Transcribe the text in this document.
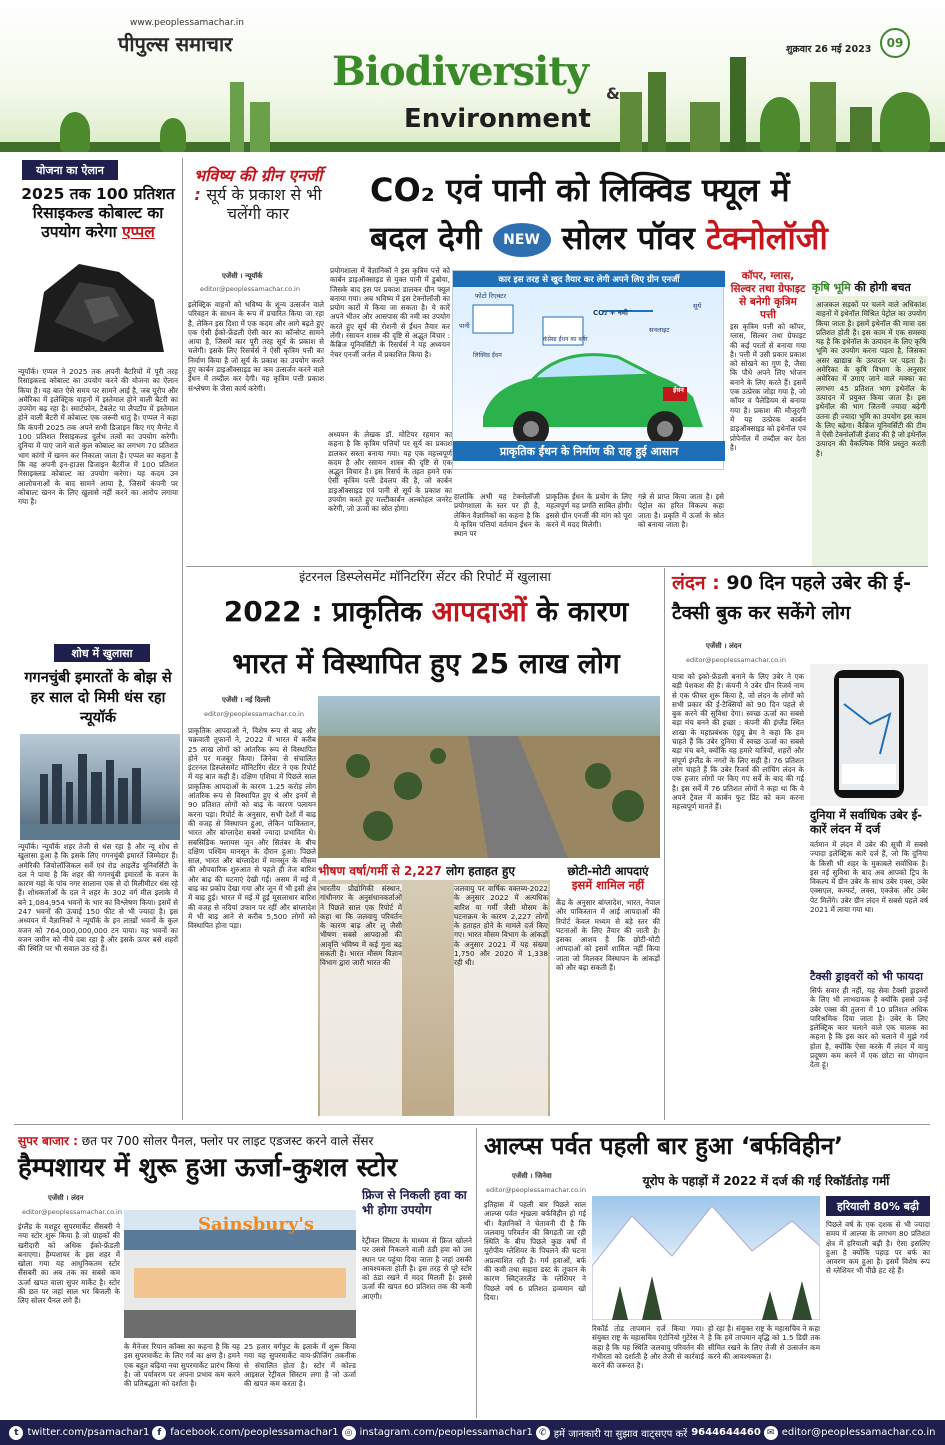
www.peoplessamachar.in
पीपुल्स समाचार
Biodiversity &
Environment
शुक्रवार 26 मई 2023	09
योजना का ऐलान
2025 तक 100 प्रतिशत रिसाइकल्ड कोबाल्ट का उपयोग करेगा एप्पल
न्यूयॉर्क। एप्पल ने 2025 तक अपनी बैटरियों में पूरी तरह रिसाइकल्ड कोबाल्ट का उपयोग करने की योजना का ऐलान किया है। यह बात ऐसे समय पर सामने आई है, जब यूरोप और अमेरिका में इलेक्ट्रिक वाहनों में इस्तेमाल होने वाली बैटरी का उपयोग बढ़ रहा है। स्मार्टफोन, टैबलेट या लैपटॉप में इस्तेमाल होने वाली बैटरी में कोबाल्ट एक जरूरी धातु है। एप्पल ने कहा कि कंपनी 2025 तक अपने सभी डिजाइन किए गए मैग्नेट में 100 प्रतिशत रिसाइकल्ड दुर्लभ तत्वों का उपयोग करेगी। दुनिया में पाए जाने वाले कुल कोबाल्ट का लगभग 70 प्रतिशत भाग कांगो में खनन कर निकाला जाता है। एप्पल का कहना है कि वह अपनी इन-हाउस डिजाइन बैटरीज में 100 प्रतिशत रिसाइक्लड कोबाल्ट का उपयोग करेगा। यह कदम उन आलोचनाओं के बाद सामने आया है, जिसमें कंपनी पर कोबाल्ट खनन के लिए खुलासे नहीं करने का आरोप लगाया गया है।
शोध में खुलासा
गगनचुंबी इमारतों के बोझ से हर साल दो मिमी धंस रहा न्यूयॉर्क
न्यूयॉर्क। न्यूयॉर्क शहर तेजी से धंस रहा है और न्यू शोध से खुलासा हुआ है कि इसके लिए गगनचुंबी इमारतें जिम्मेदार हैं। अमेरिकी जियोलॉजिकल सर्वे एवं रोड आइलैंड यूनिवर्सिटी के दल ने पाया है कि शहर की गगनचुंबी इमारतों के वजन के कारण यहां के पांच नगर सालाना एक से दो मिलीमीटर धंस रहे हैं। शोधकर्ताओं के दल ने शहर के 302 वर्ग मील इलाके में बने 1,084,954 भवनों के भार का विश्लेषण किया। इसमें से 247 भवनों की ऊंचाई 150 फीट से भी ज्यादा है। इस अध्ययन में वैज्ञानिकों ने न्यूयॉर्क के इन लाखों भवनों के कुल वजन को 764,000,000,000 टन पाया। यह भवनों का वजन जमीन को नीचे दबा रहा है और इसके ऊपर बसे शहरों की स्थिति पर भी सवाल उठ रहे हैं।
भविष्य की ग्रीन एनर्जी : सूर्य के प्रकाश से भी चलेंगी कार
एजेंसी । न्यूयॉर्क
editor@peoplessamachar.co.in
CO₂ एवं पानी को लिक्विड फ्यूल में
बदल देगी NEW सोलर पॉवर टेक्नोलॉजी
इलेक्ट्रिक वाहनों को भविष्य के शून्य उत्सर्जन वाले परिवहन के साधन के रूप में प्रचारित किया जा रहा है, लेकिन इस दिशा में एक कदम और आगे बढ़ते हुए एक ऐसी ईको-फ्रेंडली ऐसी कार का कॉन्सेप्ट सामने आया है, जिसमें कार पूरी तरह सूर्य के प्रकाश से चलेगी। इसके लिए रिसर्चर्स ने ऐसी कृत्रिम पत्ती का निर्माण किया है जो सूर्य के प्रकाश का उपयोग करते हुए कार्बन डाइऑक्साइड का कम उत्सर्जन करने वाले ईंधन में तब्दील कर देगी। यह कृत्रिम पत्ती प्रकाश संश्लेषण के जैसा कार्य करेगी।
प्रयोगशाला में वैज्ञानिकों ने इस कृत्रिम पत्ते को कार्बन डाइऑक्साइड से युक्त पानी में डुबोया, जिसके बाद इस पर प्रकाश डालकर ग्रीन फ्यूल बनाया गया। अब भविष्य में इस टेक्नोलॉजी का प्रयोग कारों में किया जा सकता है। ये कारें अपने भीतर और आसपास की नमी का उपयोग करते हुए सूर्य की रोशनी से ईंधन तैयार कर लेंगी। रसायन शास्त्र की दृष्टि से अद्भुत विचार : कैंब्रिज यूनिवर्सिटी के रिसर्चर्स ने यह अध्ययन नेचर एनर्जी जर्नल में प्रकाशित किया है।
अध्ययन के लेखक डॉ. मोटियर रहमान का कहना है कि कृत्रिम पत्तियों पर सूर्य का प्रकाश डालकर सस्ता बनाया गया। यह एक महत्त्वपूर्ण कदम है और रसायन शास्त्र की दृष्टि से एक अद्भुत विचार है। इस रिसर्च के तहत हमने एक ऐसी कृत्रिम पत्ती डेवलप की है, जो कार्बन डाइऑक्साइड एवं पानी से सूर्य के प्रकाश का उपयोग करते हुए मल्टीकार्बन अल्कोहल जनरेट करेगी, जो ऊर्जा का स्रोत होगा।
कार इस तरह से खुद तैयार कर लेगी अपने लिए ग्रीन एनर्जी
फोटो रिएक्टर
पानी
CO₂ + नमी
सूर्य
सनलाइट
कंप्रेस्ड ईंधन का बर्नर
लिक्विड ईंधन
ईंधन
प्राकृतिक ईंधन के निर्माण की राह हुई आसान
हालांकि अभी यह टेक्नोलॉजी प्रयोगशाला के स्तर पर ही है, लेकिन वैज्ञानिकों का कहना है कि ये कृत्रिम पत्तियां वर्तमान ईंधन के स्थान पर
प्राकृतिक ईंधन के प्रयोग के लिए महत्वपूर्ण यह प्रगति साबित होगी। इससे ग्रीन एनर्जी की मांग को पूरा करने में मदद मिलेगी।
गन्ने से प्राप्त किया जाता है। इसे पेट्रोल का हरित विकल्प कहा जाता है। प्रकृति में ऊर्जा के स्रोत को बनाया जाता है।
कॉपर, ग्लास, सिल्वर तथा ग्रेफाइट से बनेगी कृत्रिम पत्ती
इस कृत्रिम पत्ती को कॉपर, ग्लास, सिल्वर तथा ग्रेफाइट की कई परतों से बनाया गया है। पत्ती में उसी प्रकार प्रकाश को सोखने का गुण है, जैसा कि पौधे अपने लिए भोजन बनाने के लिए करते हैं। इसमें एक उत्प्रेरक जोड़ा गया है, जो कॉपर व पैलेडियम से बनाया गया है। प्रकाश की मौजूदगी में यह उत्प्रेरक कार्बन डाइऑक्साइड को इथेनॉल एवं प्रोपेनॉल में तब्दील कर देता है।
कृषि भूमि की होगी बचत
आजकल सड़कों पर चलने वाले अधिकांश वाहनों में इथेनॉल मिश्रित पेट्रोल का उपयोग किया जाता है। इसमें इथेनॉल की मात्रा दस प्रतिशत होती है। इस काम में एक समस्या यह है कि इथेनॉल के उत्पादन के लिए कृषि भूमि का उपयोग करना पड़ता है, जिसका असर खाद्यान्न के उत्पादन पर पड़ता है। अमेरिका के कृषि विभाग के अनुसार अमेरिका में उगाए जाने वाले मक्का का लगभग 45 प्रतिशत भाग इथेनॉल के उत्पादन में प्रयुक्त किया जाता है। इस इथेनॉल की भाग जितनी ज्यादा बढ़ेगी उतना ही ज्यादा भूमि का उपयोग इस काम के लिए बढ़ेगा। कैंब्रिज यूनिवर्सिटी की टीम ने ऐसी टेक्नोलॉजी ईजाद की है जो इथेनॉल उत्पादन की वैकल्पिक विधि प्रस्तुत करती है।
इंटरनल डिस्प्लेसमेंट मॉनिटरिंग सेंटर की रिपोर्ट में खुलासा
2022 : प्राकृतिक आपदाओं के कारण
भारत में विस्थापित हुए 25 लाख लोग
एजेंसी । नई दिल्ली
editor@peoplessamachar.co.in
प्राकृतिक आपदाओं ने, विशेष रूप से बाढ़ और चक्रवाती तूफानों ने, 2022 में भारत में करीब 25 लाख लोगों को आंतरिक रूप से विस्थापित होने पर मजबूर किया। जिनेवा से संचालित इंटरनल डिस्प्लेसमेंट मॉनिटरिंग सेंटर ने एक रिपोर्ट में यह बात कही है। दक्षिण एशिया में पिछले साल प्राकृतिक आपदाओं के कारण 1.25 करोड़ लोग आंतरिक रूप से विस्थापित हुए थे और इनमें से 90 प्रतिशत लोगों को बाढ़ के कारण पलायन करना पड़ा। रिपोर्ट के अनुसार, सभी देशों में बाढ़ की वजह से विस्थापन हुआ, लेकिन पाकिस्तान, भारत और बांग्लादेश सबसे ज्यादा प्रभावित थे। सबसिडिक फ्लायस जून और सितंबर के बीच दक्षिण पश्चिम मानसून के दौरान हुआ। पिछले साल, भारत और बांग्लादेश में मानसून के मौसम की औपचारिक शुरुआत से पहले ही तेज बारिश और बाढ़ की घटनाएं देखी गईं। असम में मई में बाढ़ का प्रकोप देखा गया और जून में भी इसी क्षेत्र में बाढ़ हुई। भारत में मई में हुई मूसलाधार बारिश की वजह से नदियां उफान पर रहीं और बांग्लादेश में भी बाढ़ आने से करीब 5,500 लोगों को विस्थापित होना पड़ा।
भीषण वर्षा/गर्मी से 2,227 लोग हताहत हुए
भारतीय प्रौद्योगिकी संस्थान, गांधीनगर के अनुसंधानकर्ताओं ने पिछले साल एक रिपोर्ट में कहा था कि जलवायु परिवर्तन के कारण बाढ़ और लू जैसी भीषण सबसे आपदाओं की आवृत्ति भविष्य में कई गुना बढ़ सकती है। भारत मौसम विज्ञान विभाग द्वारा जारी भारत की
जलवायु पर वार्षिक वक्तव्य-2022 के अनुसार 2022 में अत्यधिक बारिश या गर्मी जैसी मौसम के घटनाक्रम के कारण 2,227 लोगों के हताहत होने के मामले दर्ज किए गए। भारत मौसम विभाग के आंकड़ों के अनुसार 2021 में यह संख्या 1,750 और 2020 में 1,338 रही थी।
छोटी-मोटी आपदाएं
इसमें शामिल नहीं
केंद्र के अनुसार बांग्लादेश, भारत, नेपाल और पाकिस्तान में आई आपदाओं की रिपोर्ट केवल मध्यम से बड़े स्तर की घटनाओं के लिए तैयार की जाती है। इसका आशय है कि छोटी-मोटी आपदाओं को इसमें शामिल नहीं किया जाता जो मिलकर विस्थापन के आंकड़ों को और बढ़ा सकती हैं।
लंदन : 90 दिन पहले उबेर की ई-टैक्सी बुक कर सकेंगे लोग
एजेंसी । लंदन
editor@peoplessamachar.co.in
यात्रा को इको-फ्रेंडली बनाने के लिए उबेर ने एक बड़ी पेशकश की है। कंपनी ने उबेर ग्रीन रिजर्व नाम से एक फीचर शुरू किया है, जो लंदन के लोगों को सभी प्रकार की ई-टैक्सियों को 90 दिन पहले से बुक करने की सुविधा देगा। स्वच्छ ऊर्जा का सबसे बड़ा मंच बनने की इच्छा : कंपनी की इंग्लैंड स्थित शाखा के महाप्रबंधक एंड्रयू ब्रेम ने कहा कि हम चाहते हैं कि उबेर दुनिया में स्वच्छ ऊर्जा का सबसे बड़ा मंच बने, क्योंकि यह हमारे यात्रियों, शहरों और संपूर्ण इंग्लैंड के नगरों के लिए सही है। 76 प्रतिशत लोग चाहते हैं कि उबेर रिजर्व की लांचिंग लंदन के एक हजार लोगों पर किए गए सर्वे के बाद की गई है। इस सर्वे में 76 प्रतिशत लोगों ने कहा था कि वे अपने ट्रैवल में कार्बन फुट प्रिंट को कम करना महत्त्वपूर्ण मानते हैं।
दुनिया में सर्वाधिक उबेर ई-कारें लंदन में दर्ज
वर्तमान में लंदन में उबेर की सूची में सबसे ज्यादा इलेक्ट्रिक कारें दर्ज हैं, जो कि दुनिया के किसी भी शहर के मुकाबले सर्वाधिक है। इस नई सुविधा के बाद अब आपको ट्रिप के विकल्प में ग्रीन उबेर के साथ उबेर एक्स, उबेर एक्सएल, कम्फर्ट, लक्स, एक्जेक और उबेर पेट मिलेंगे। उबेर ग्रीन लंदन में सबसे पहले वर्ष 2021 में लाया गया था।
टैक्सी ड्राइवरों को भी फायदा
सिर्फ सवार ही नहीं, यह सेवा टैक्सी ड्राइवरों के लिए भी लाभदायक है क्योंकि इससे उन्हें उबेर एक्स की तुलना में 10 प्रतिशत अधिक पारिश्रमिक दिया जाता है। उबेर के लिए इलेक्ट्रिक कार चलाने वाले एक चालक का कहना है कि इस कार को चलाने में मुझे गर्व होता है, क्योंकि ऐसा करके मैं लंदन में वायु प्रदूषण कम करने में एक छोटा सा योगदान देता हूं।
सुपर बाजार : छत पर 700 सोलर पैनल, फ्लोर पर लाइट एडजस्ट करने वाले सेंसर
हैम्पशायर में शुरू हुआ ऊर्जा-कुशल स्टोर
एजेंसी । लंदन
editor@peoplessamachar.co.in
इंग्लैंड के मशहूर सुपरमार्केट सैंसबरी ने नया स्टोर शुरू किया है जो ग्राहकों की खरीदारी को अधिक ईको-फ्रेंडली बनाएगा। हैम्पशायर के इस शहर में खोला गया यह आधुनिकतम स्टोर सैंसबरी का अब तक का सबसे कम ऊर्जा खपत वाला सुपर मार्केट है। स्टोर की छत पर जहां साल भर बिजली के लिए सोलर पैनल लगे हैं।
Sainsbury's
के मैनेजर रियान कॉक्स का कहना है कि यह इस सुपरमार्केट के लिए गर्व का क्षण है। हमने एक बहुत बढ़िया नया सुपरमार्केट प्रारंभ किया है। जो पर्यावरण पर अपना प्रभाव कम करने की प्रतिबद्धता को दर्शाता है।
25 हजार वर्गफुट के इलाके में शुरू किया गया यह सुपरमार्केट वाय-फ्रीजिंग तकनीक से संचालित होता है। स्टोर में कोल्ड आइसल रेट्रीवल सिस्टम लगा है जो ऊर्जा की खपत कम करता है।
फ्रिज से निकली हवा का भी होगा उपयोग
रेट्रीवल सिस्टम के माध्यम से फ्रिज खोलने पर उससे निकलने वाली ठंडी हवा को उस स्थान पर पहुंचा दिया जाता है जहां उसकी आवश्यकता होती है। इस तरह से पूरे स्टोर को ठंडा रखने में मदद मिलती है। इससे ऊर्जा की खपत 60 प्रतिशत तक की कमी आएगी।
आल्प्स पर्वत पहली बार हुआ ‘बर्फविहीन’
एजेंसी । जिनेवा
editor@peoplessamachar.co.in
यूरोप के पहाड़ों में 2022 में दर्ज की गई रिकॉर्डतोड़ गर्मी
इतिहास में पहली बार पिछले साल आल्प्स पर्वत शृंखला बर्फविहीन हो गई थी। वैज्ञानिकों ने चेतावनी दी है कि जलवायु परिवर्तन की बिगड़ती जा रही स्थिति के बीच पिछले कुछ वर्षों में यूरोपीय ग्लेशियर के पिघलने की घटना अप्रत्याशित रही है। गर्म हवाओं, बर्फ की कमी तथा सहारा डस्ट के तूफान के कारण स्विट्जरलैंड के ग्लेशियर ने पिछले वर्ष 6 प्रतिशत द्रव्यमान खो दिया।
रिकॉर्ड तोड़ तापमान दर्ज किया गया। संयुक्त राष्ट्र के महासचिव एंटोनियो गुटेरेस ने कहा है कि यह स्थिति जलवायु परिवर्तन की गंभीरता को दर्शाती है और तेजी से कार्रवाई करने की जरूरत है।
हो रहा है। संयुक्त राष्ट्र के महासचिव ने कहा है कि हमें तापमान वृद्धि को 1.5 डिग्री तक सीमित रखने के लिए तेजी से उत्सर्जन कम करने की आवश्यकता है।
हरियाली 80% बढ़ी
पिछले वर्ष के एक दशक से भी ज्यादा समय में आल्प्स के लगभग 80 प्रतिशत क्षेत्र में हरियाली बढ़ी है। ऐसा इसलिए हुआ है क्योंकि पहाड़ पर बर्फ का आवरण कम हुआ है। इसमें विशेष रूप से ग्लेशियर भी पीछे हट रहे हैं।
t twitter.com/psamachar1 f facebook.com/peoplessamachar1 ◎ instagram.com/peoplessamachar1 ✆ हमें जानकारी या सुझाव वाट्सएप करें 9644644460 ✉ editor@peoplessamachar.co.in
